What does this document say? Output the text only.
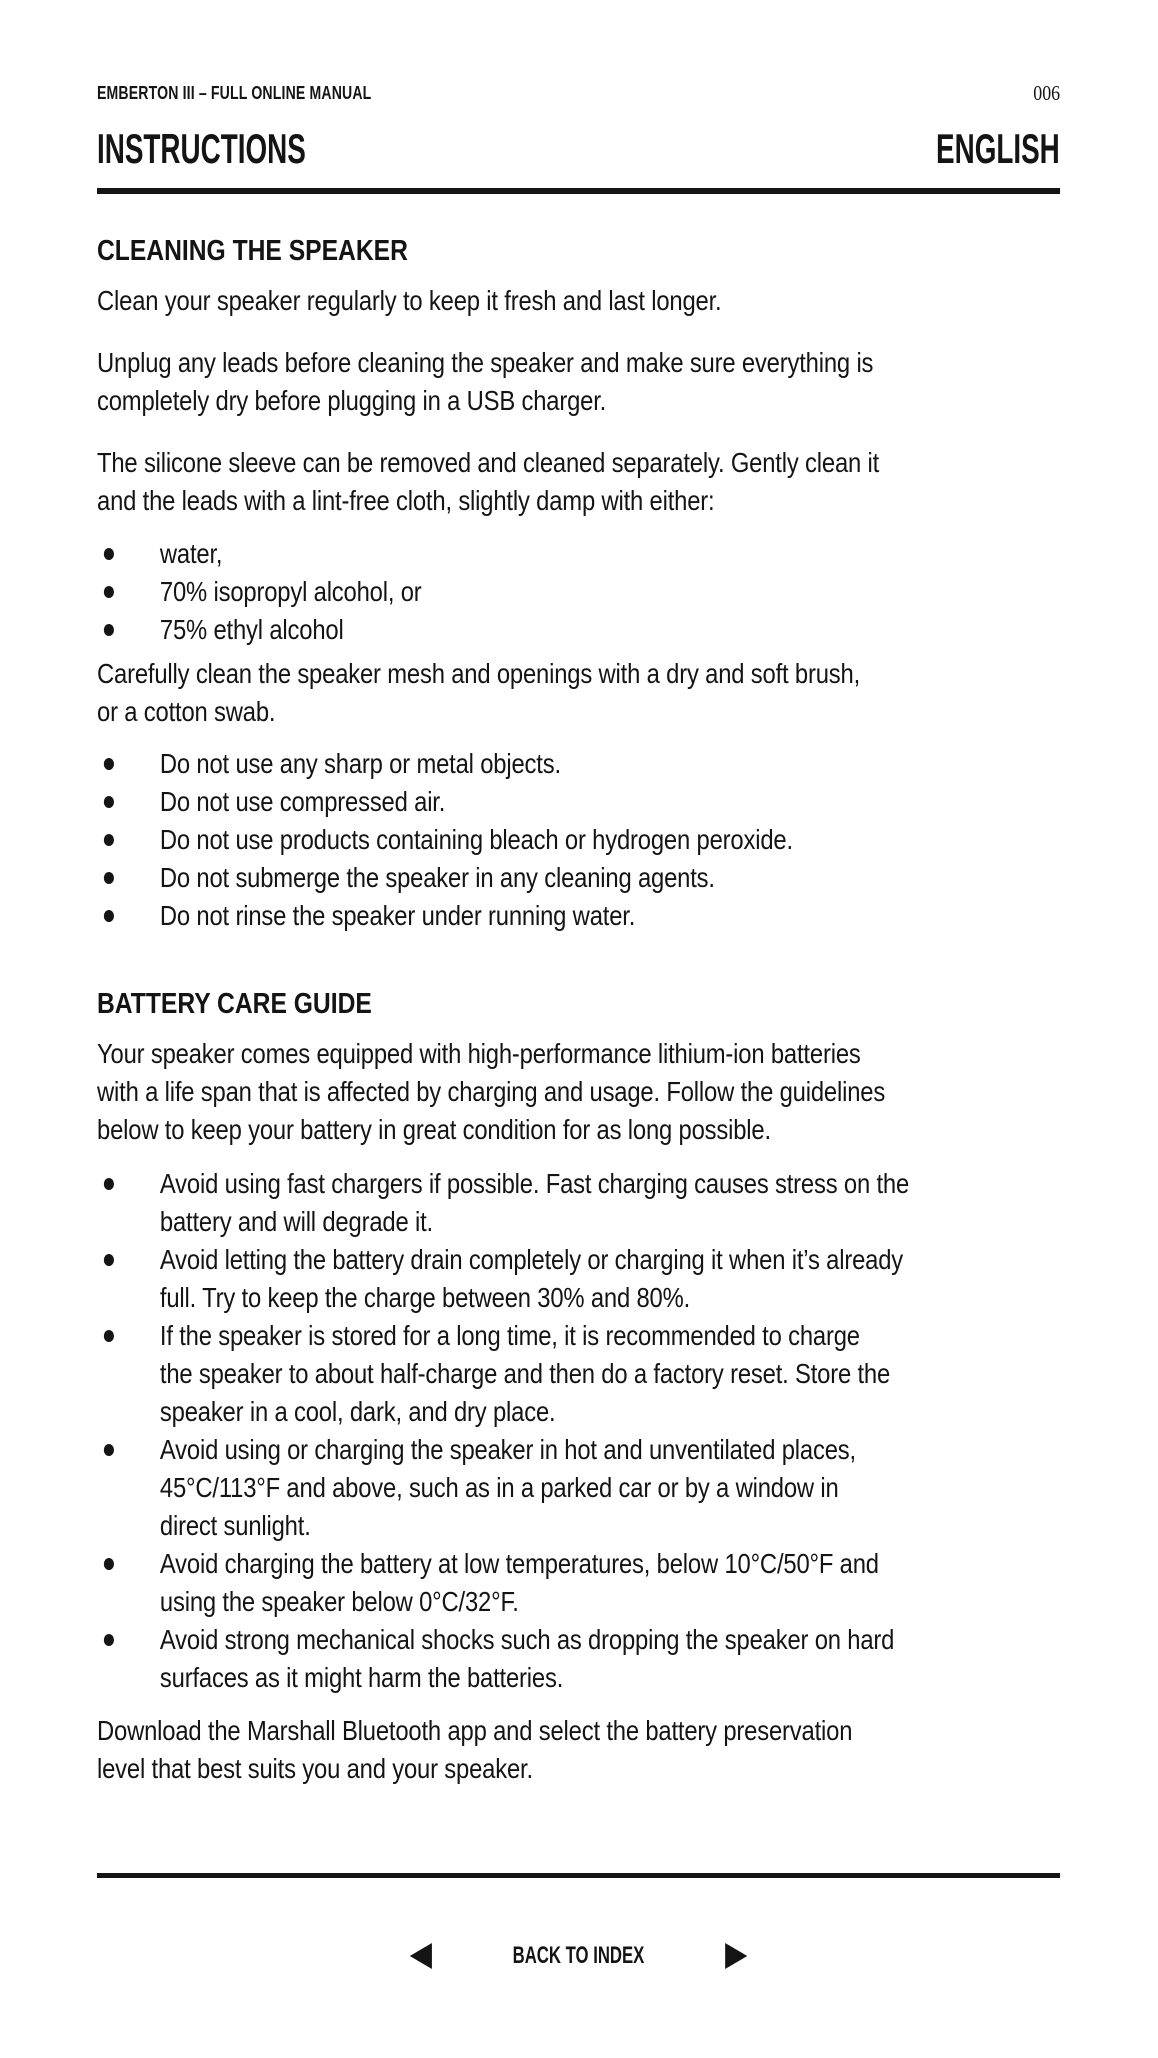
EMBERTON III – FULL ONLINE MANUAL	006
INSTRUCTIONS	ENGLISH
CLEANING THE SPEAKER

Clean your speaker regularly to keep it fresh and last longer.

Unplug any leads before cleaning the speaker and make sure everything is
completely dry before plugging in a USB charger.

The silicone sleeve can be removed and cleaned separately. Gently clean it
and the leads with a lint-free cloth, slightly damp with either:

water,
70% isopropyl alcohol, or
75% ethyl alcohol

Carefully clean the speaker mesh and openings with a dry and soft brush,
or a cotton swab.

Do not use any sharp or metal objects.
Do not use compressed air.
Do not use products containing bleach or hydrogen peroxide.
Do not submerge the speaker in any cleaning agents.
Do not rinse the speaker under running water.
BATTERY CARE GUIDE

Your speaker comes equipped with high-performance lithium-ion batteries
with a life span that is affected by charging and usage. Follow the guidelines
below to keep your battery in great condition for as long possible.

Avoid using fast chargers if possible. Fast charging causes stress on the
battery and will degrade it.
Avoid letting the battery drain completely or charging it when it’s already
full. Try to keep the charge between 30% and 80%.
If the speaker is stored for a long time, it is recommended to charge
the speaker to about half-charge and then do a factory reset. Store the
speaker in a cool, dark, and dry place.
Avoid using or charging the speaker in hot and unventilated places,
45°C/113°F and above, such as in a parked car or by a window in
direct sunlight.
Avoid charging the battery at low temperatures, below 10°C/50°F and
using the speaker below 0°C/32°F.
Avoid strong mechanical shocks such as dropping the speaker on hard
surfaces as it might harm the batteries.

Download the Marshall Bluetooth app and select the battery preservation
level that best suits you and your speaker.

BACK TO INDEX
